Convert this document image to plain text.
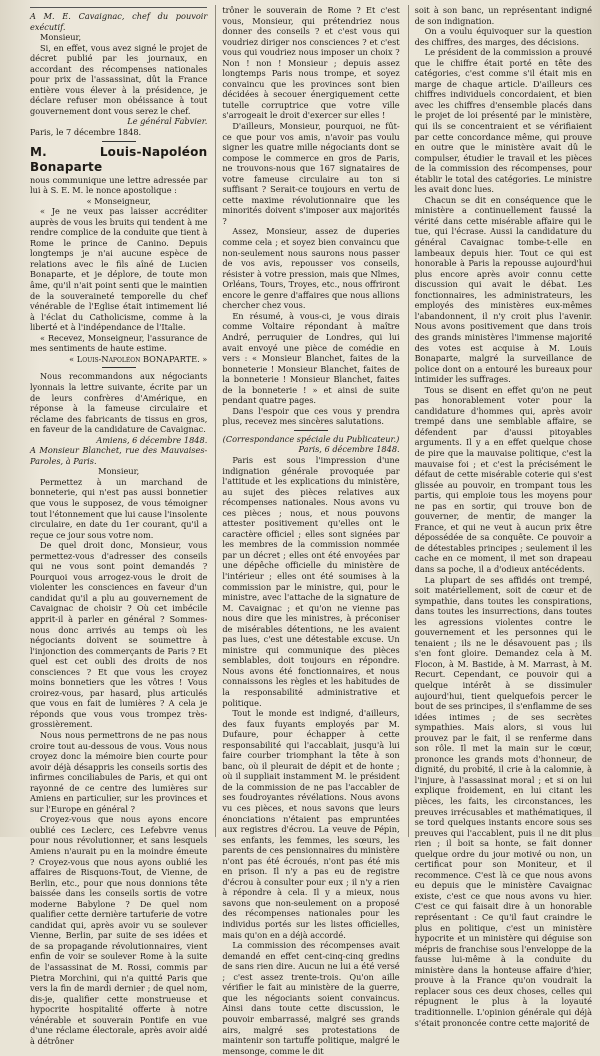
A M. E. Cavaignac, chef du pouvoir exécutif.

Monsieur,

Si, en effet, vous avez signé le projet de décret publié par les journaux, en accordant des récompenses nationales pour prix de l'assassinat, dût la France entière vous élever à la présidence, je déclare refuser mon obéissance à tout gouvernement dont vous serez le chef.

Le général Fabvier.

Paris, le 7 décembre 1848.

M. Louis-Napoléon Bonaparte

nous communique une lettre adressée par lui à S. E. M. le nonce apostolique :

« Monseigneur,

« Je ne veux pas laisser accréditer auprès de vous les bruits qui tendent à me rendre complice de la conduite que tient à Rome le prince de Canino. Depuis longtemps je n'ai aucune espèce de relations avec le fils aîné de Lucien Bonaparte, et je déplore, de toute mon âme, qu'il n'ait point senti que le maintien de la souveraineté temporelle du chef vénérable de l'Eglise était intimement lié à l'éclat du Catholicisme, comme à la liberté et à l'indépendance de l'Italie.

« Recevez, Monseigneur, l'assurance de mes sentiments de haute estime.

« Louis-Napoléon BONAPARTE. »

Nous recommandons aux négociants lyonnais la lettre suivante, écrite par un de leurs confrères d'Amérique, en réponse à la fameuse circulaire et réclame des fabricants de tissus en gros, en faveur de la candidature de Cavaignac.

Amiens, 6 décembre 1848.

A Monsieur Blanchet, rue des Mauvaises-Paroles, à Paris.

Monsieur,

Permettez à un marchand de bonneterie, qui n'est pas aussi bonnetier que vous le supposez, de vous témoigner tout l'étonnement que lui cause l'insolente circulaire, en date du 1er courant, qu'il a reçue ce jour sous votre nom.

De quel droit donc, Monsieur, vous permettez-vous d'adresser des conseils qui ne vous sont point demandés ? Pourquoi vous arrogez-vous le droit de violenter les consciences en faveur d'un candidat qu'il a plu au gouvernement de Cavaignac de choisir ? Où cet imbécile apprit-il à parler en général ? Sommes-nous donc arrivés au temps où les négociants doivent se soumettre à l'injonction des commerçants de Paris ? Et quel est cet oubli des droits de nos consciences ? Et que vous les croyez moins bonnetiers que les vôtres ! Vous croirez-vous, par hasard, plus articulés que vous en fait de lumières ? A cela je réponds que vous vous trompez très-grossièrement.

Nous nous permettrons de ne pas nous croire tout au-dessous de vous. Vous nous croyez donc la mémoire bien courte pour avoir déjà désappris les conseils sortis des infirmes conciliabules de Paris, et qui ont rayonné de ce centre des lumières sur Amiens en particulier, sur les provinces et sur l'Europe en général ?

Croyez-vous que nous ayons encore oublié ces Leclerc, ces Lefebvre venus pour nous révolutionner, et sans lesquels Amiens n'aurait pu en la moindre émeute ? Croyez-vous que nous ayons oublié les affaires de Risquons-Tout, de Vienne, de Berlin, etc., pour que nous donnions tête baissée dans les conseils sortis de votre moderne Babylone ? De quel nom qualifier cette dernière tartuferie de votre candidat qui, après avoir vu se soulever Vienne, Berlin, par suite de ses idées et de sa propagande révolutionnaires, vient enfin de voir se soulever Rome à la suite de l'assassinat de M. Rossi, commis par Pietra Morchini, qui n'a quitté Paris que vers la fin de mardi dernier ; de quel nom, dis-je, qualifier cette monstrueuse et hypocrite hospitalité offerte à notre vénérable et souverain Pontife en vue d'une réclame électorale, après avoir aidé à détrôner

trôner le souverain de Rome ? Et c'est vous, Monsieur, qui prétendriez nous donner des conseils ? et c'est vous qui voudriez diriger nos consciences ? et c'est vous qui voudriez nous imposer un choix ? Non ! non ! Monsieur ; depuis assez longtemps Paris nous trompe, et soyez convaincu que les provinces sont bien décidées à secouer énergiquement cette tutelle corruptrice que votre ville s'arrogeait le droit d'exercer sur elles !

D'ailleurs, Monsieur, pourquoi, ne fût-ce que pour vos amis, n'avoir pas voulu signer les quatre mille négociants dont se compose le commerce en gros de Paris, ne trouvons-nous que 167 signataires de votre fameuse circulaire au ton si suffisant ? Serait-ce toujours en vertu de cette maxime révolutionnaire que les minorités doivent s'imposer aux majorités ?

Assez, Monsieur, assez de duperies comme cela ; et soyez bien convaincu que non-seulement nous saurons nous passer de vos avis, repousser vos conseils, résister à votre pression, mais que Nîmes, Orléans, Tours, Troyes, etc., nous offriront encore le genre d'affaires que nous allions chercher chez vous.

En résumé, à vous-ci, je vous dirais comme Voltaire répondant à maître André, perruquier de Londres, qui lui avait envoyé une pièce de comédie en vers : « Monsieur Blanchet, faites de la bonneterie ! Monsieur Blanchet, faites de la bonneterie ! Monsieur Blanchet, faites de la bonneterie ! » et ainsi de suite pendant quatre pages.

Dans l'espoir que ces vous y prendra plus, recevez mes sincères salutations.

(Correspondance spéciale du Publicateur.)

Paris, 6 décembre 1848.

Paris est sous l'impression d'une indignation générale provoquée par l'attitude et les explications du ministère, au sujet des pièces relatives aux récompenses nationales. Nous avons vu ces pièces ; nous, et nous pouvons attester positivement qu'elles ont le caractère officiel ; elles sont signées par les membres de la commission nommée par un décret ; elles ont été envoyées par une dépêche officielle du ministère de l'intérieur ; elles ont été soumises à la commission par le ministre, qui, pour le ministre, avec l'attache de la signature de M. Cavaignac ; et qu'on ne vienne pas nous dire que les ministres, à préconiser de misérables détentions, ne les avaient pas lues, c'est une détestable excuse. Un ministre qui communique des pièces semblables, doit toujours en répondre. Nous avons été fonctionnaires, et nous connaissons les règles et les habitudes de la responsabilité administrative et politique.

Tout le monde est indigné, d'ailleurs, des faux fuyants employés par M. Dufaure, pour échapper à cette responsabilité qui l'accablait, jusqu'à lui faire courber triomphant la tête à son banc, où il pleurait de dépit et de honte ; où il suppliait instamment M. le président de la commission de ne pas l'accabler de ses foudroyantes révélations. Nous avons vu ces pièces, et nous savons que leurs énonciations n'étaient pas empruntées aux registres d'écrou. La veuve de Pépin, ses enfants, les femmes, les sœurs, les parents de ces pensionnaires du ministère n'ont pas été écroués, n'ont pas été mis en prison. Il n'y a pas eu de registre d'écrou à consulter pour eux ; il n'y a rien à répondre à cela. Il y a mieux, nous savons que non-seulement on a proposé des récompenses nationales pour les individus portés sur les listes officielles, mais qu'on en a déjà accordé.

La commission des récompenses avait demandé en effet cent-cinq-cinq gredins de sans rien dire. Aucun ne lui a été versé ; c'est assez trente-trois. Qu'on aille vérifier le fait au ministère de la guerre, que les négociants soient convaincus. Ainsi dans toute cette discussion, le pouvoir embarrassé, malgré ses grands airs, malgré ses protestations de maintenir son tartuffe politique, malgré le mensonge, comme le dit

soit à son banc, un représentant indigné de son indignation.

On a voulu équivoquer sur la question des chiffres, des marges, des décisions.

Le président de la commission a prouvé que le chiffre était porté en tête des catégories, c'est comme s'il était mis en marge de chaque article. D'ailleurs ces chiffres individuels concordaient, et bien avec les chiffres d'ensemble placés dans le projet de loi présenté par le ministère, qui ils se concentraient et se vérifiaient par cette concordance même, qui prouve en outre que le ministère avait dû le compulser, étudier le travail et les pièces de la commission des récompenses, pour établir le total des catégories. Le ministre les avait donc lues.

Chacun se dit en conséquence que le ministère a continuellement faussé la vérité dans cette misérable affaire qui le tue, qui l'écrase. Aussi la candidature du général Cavaignac tombe-t-elle en lambeaux depuis hier. Tout ce qui est honorable à Paris la repousse aujourd'hui plus encore après avoir connu cette discussion qui avait le débat. Les fonctionnaires, les administrateurs, les employés des ministères eux-mêmes l'abandonnent, il n'y croit plus l'avenir. Nous avons positivement que dans trois des grands ministères l'immense majorité des votes est acquise à M. Louis Bonaparte, malgré la surveillance de police dont on a entouré les bureaux pour intimider les suffrages.

Tous se disent en effet qu'on ne peut pas honorablement voter pour la candidature d'hommes qui, après avoir trempé dans une semblable affaire, se défendent par d'aussi pitoyables arguments. Il y a en effet quelque chose de pire que la mauvaise politique, c'est la mauvaise foi ; et c'est la précisément le défaut de cette misérable coterie qui s'est glissée au pouvoir, en trompant tous les partis, qui emploie tous les moyens pour ne pas en sortir, qui trouve bon de gouverner, de mentir, de manger la France, et qui ne veut à aucun prix être dépossédée de sa conquête. Ce pouvoir a de détestables principes ; seulement il les cache en ce moment, il met son drapeau dans sa poche, il a d'odieux antécédents.

La plupart de ses affidés ont trempé, soit matériellement, soit de cœur et de sympathie, dans toutes les conspirations, dans toutes les insurrections, dans toutes les agressions violentes contre le gouvernement et les personnes qui le tenaient ; ils ne le désavouent pas ; ils s'en font gloire. Demandez cela à M. Flocon, à M. Bastide, à M. Marrast, à M. Recurt. Cependant, ce pouvoir qui a quelque intérêt à se dissimuler aujourd'hui, tient quelquefois percer le bout de ses principes, il s'enflamme de ses idées intimes ; de ses secrètes sympathies. Mais alors, si vous lui prouvez par le fait, il se renferme dans son rôle. Il met la main sur le cœur, prononce les grands mots d'honneur, de dignité, du probité, il crie à la calomnie, à l'injure, à l'assassinat moral ; et si on lui explique froidement, en lui citant les pièces, les faits, les circonstances, les preuves irrécusables et mathématiques, il se tord quelques instants encore sous ses preuves qui l'accablent, puis il ne dit plus rien ; il boit sa honte, se fait donner quelque ordre du jour motivé ou non, un certificat pour son Moniteur, et il recommence. C'est là ce que nous avons eu depuis que le ministère Cavaignac existe, c'est ce que nous avons vu hier. C'est ce qui faisait dire à un honorable représentant : Ce qu'il faut craindre le plus en politique, c'est un ministère hypocrite et un ministère qui déguise son mépris de franchise sous l'enveloppe de la fausse lui-même à la conduite du ministère dans la honteuse affaire d'hier, prouve à la France qu'on voudrait la replacer sous ces deux choses, celles qui répugnent le plus à la loyauté traditionnelle. L'opinion générale qui déjà s'était prononcée contre cette majorité de
